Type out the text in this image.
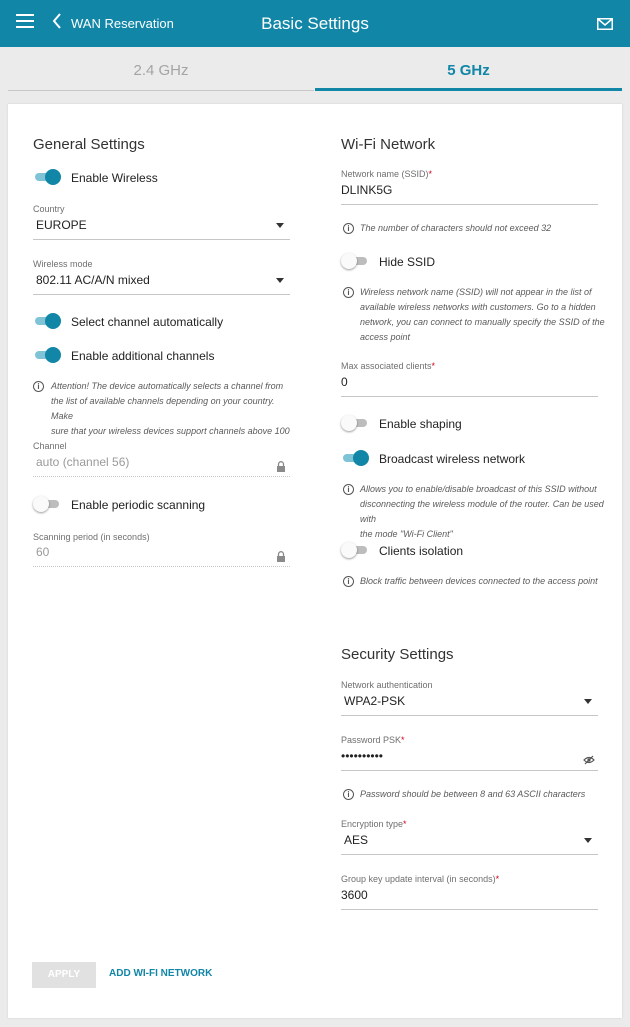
WAN Reservation	Basic Settings
2.4 GHz	5 GHz
General Settings
Enable Wireless
Country
EUROPE
Wireless mode
802.11 AC/A/N mixed
Select channel automatically
Enable additional channels
i	Attention! The device automatically selects a channel from
the list of available channels depending on your country. Make
sure that your wireless devices support channels above 100
Channel
auto (channel 56)
Enable periodic scanning
Scanning period (in seconds)
60
Wi-Fi Network
Network name (SSID)*
DLINK5G
i	The number of characters should not exceed 32
Hide SSID
i	Wireless network name (SSID) will not appear in the list of
available wireless networks with customers. Go to a hidden
network, you can connect to manually specify the SSID of the
access point
Max associated clients*
0
Enable shaping
Broadcast wireless network
i	Allows you to enable/disable broadcast of this SSID without
disconnecting the wireless module of the router. Can be used with
the mode "Wi-Fi Client"
Clients isolation
i	Block traffic between devices connected to the access point
Security Settings
Network authentication
WPA2-PSK
Password PSK*
••••••••••
i	Password should be between 8 and 63 ASCII characters
Encryption type*
AES
Group key update interval (in seconds)*
3600
APPLY	ADD WI-FI NETWORK
